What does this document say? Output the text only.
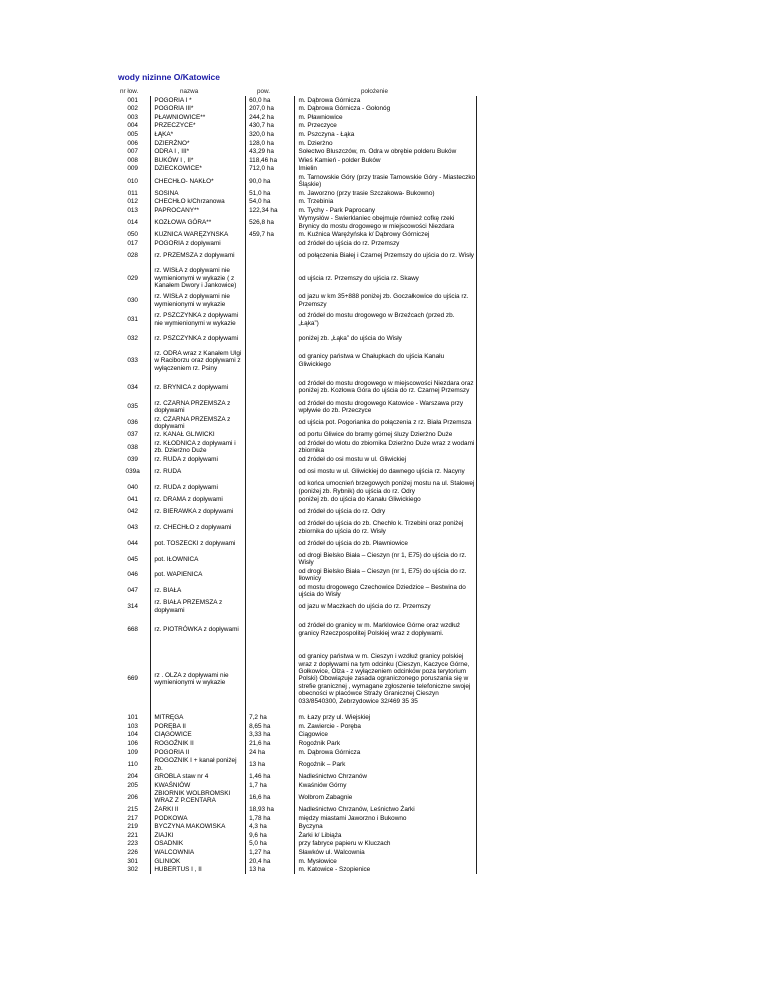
wody nizinne O/Katowice
nr łow.	nazwa	pow.	położenie
001	POGORIA I *	60,0 ha	m. Dąbrowa Górnicza
002	POGORIA III*	207,0 ha	m. Dąbrowa Górnicza - Gołonóg
003	PŁAWNIOWICE**	244,2 ha	m. Pławniowice
004	PRZECZYCE*	430,7 ha	m. Przeczyce
005	ŁĄKA*	320,0 ha	m. Pszczyna - Łąka
006	DZIERŻNO*	128,0 ha	m. Dzierżno
007	ODRA I , III*	43,29 ha	Sołectwo Bluszczów, m. Odra w obrębie polderu Buków
008	BUKÓW I , II*	118,46 ha	Wieś Kamień - polder Buków
009	DZIEĆKOWICE*	712,0 ha	Imielin
010	CHECHŁO- NAKŁO*	90,0 ha	m. Tarnowskie Góry (przy trasie Tarnowskie Góry - Miasteczko Śląskie)
011	SOSINA	51,0 ha	m. Jaworzno (przy trasie Szczakowa- Bukowno)
012	CHECHŁO k/Chrzanowa	54,0 ha	m. Trzebinia
013	PAPROCANY**	122,34 ha	m. Tychy - Park Paprocany
014	KOZŁOWA GÓRA**	526,8 ha	Wymysłów - Świerklaniec obejmuje również cofkę rzeki Brynicy do mostu drogowego w miejscowości Niezdara
050	KUŹNICA WARĘŻYŃSKA	459,7 ha	m. Kuźnica Warężyńska k/ Dąbrowy Górniczej
017	POGORIA z dopływami		od źródeł do ujścia do rz. Przemszy
028	rz. PRZEMSZA z dopływami		od połączenia Białej i Czarnej Przemszy do ujścia do rz. Wisły
029	rz. WISŁA z dopływami nie wymienionymi w wykazie ( z Kanałem Dwory i Jankowice)		od ujścia rz. Przemszy do ujścia rz. Skawy
030	rz. WISŁA z dopływami nie wymienionymi w wykazie		od jazu w km 35+888 poniżej zb. Goczałkowice do ujścia rz. Przemszy
031	rz. PSZCZYNKA z dopływami nie wymienionymi w wykazie		od źródeł do mostu drogowego w Brzeźcach (przed zb. „Łąka”)
032	rz. PSZCZYNKA z dopływami		poniżej zb. „Łąka” do ujścia do Wisły
033	rz. ODRA wraz z Kanałem Ulgi w Raciborzu oraz dopływami z wyłączeniem rz. Psiny		od granicy państwa w Chałupkach do ujścia Kanału Gliwickiego
034	rz. BRYNICA z dopływami		od źródeł do mostu drogowego w miejscowości Niezdara oraz poniżej zb. Kozłowa Góra do ujścia do rz. Czarnej Przemszy
035	rz. CZARNA PRZEMSZA z dopływami		od źródeł do mostu drogowego Katowice - Warszawa przy wpływie do zb. Przeczyce
036	rz. CZARNA PRZEMSZA z dopływami		od ujścia pot. Pogorianka do połączenia z rz. Biała Przemsza
037	rz. KANAŁ GLIWICKI		od portu Gliwice do bramy górnej śluzy Dzierżno Duże
038	rz. KŁODNICA z dopływami i zb. Dzierżno Duże		od źródeł do wlotu do zbiornika Dzierżno Duże wraz z wodami zbiornika
039	rz. RUDA z dopływami		od źródeł do osi mostu w ul. Gliwickiej
039a	rz. RUDA		od osi mostu w ul. Gliwickiej do dawnego ujścia rz. Nacyny
040	rz. RUDA z dopływami		od końca umocnień brzegowych poniżej mostu na ul. Stalowej (poniżej zb. Rybnik) do ujścia do rz. Odry
041	rz. DRAMA z dopływami		poniżej zb. do ujścia do Kanału Gliwickiego
042	rz. BIERAWKA z dopływami		od źródeł do ujścia do rz. Odry
043	rz. CHECHŁO z dopływami		od źródeł do ujścia do zb. Chechło k. Trzebini oraz poniżej zbiornika do ujścia do rz. Wisły
044	pot. TOSZECKI z dopływami		od źródeł do ujścia do zb. Pławniowice
045	pot. IŁOWNICA		od drogi Bielsko Biała – Cieszyn (nr 1, E75) do ujścia do rz. Wisły
046	pot. WAPIENICA		od drogi Bielsko Biała – Cieszyn (nr 1, E75) do ujścia do rz. Iłownicy
047	rz. BIAŁA		od mostu drogowego Czechowice Dziedzice – Bestwina do ujścia do Wisły
314	rz. BIAŁA PRZEMSZA z dopływami		od jazu w Maczkach do ujścia do rz. Przemszy
668	rz. PIOTRÓWKA z dopływami		od źródeł do granicy w m. Marklowice Górne oraz wzdłuż granicy Rzeczpospolitej Polskiej wraz z dopływami.
669	rz . OLZA z dopływami nie wymienionymi w wykazie		od granicy państwa w m. Cieszyn i wzdłuż granicy polskiej wraz z dopływami na tym odcinku (Cieszyn, Kaczyce Górne, Gołkowice, Olza - z wyłączeniem odcinków poza terytorium Polski) Obowiązuje zasada ograniczonego poruszania się w strefie granicznej , wymagane zgłoszenie telefoniczne swojej obecności w placówce Straży Granicznej Cieszyn 033/8540300, Zebrzydowice 32/469 35 35
101	MITRĘGA	7,2 ha	m. Łazy przy ul. Wiejskiej
103	PORĘBA II	8,65 ha	m. Zawiercie - Poręba
104	CIĄGOWICE	3,33 ha	Ciągowice
106	ROGOŹNIK II	21,6 ha	Rogoźnik Park
109	POGORIA II	24 ha	m. Dąbrowa Górnicza
110	ROGOŹNIK I + kanał poniżej zb.	13 ha	Rogoźnik – Park
204	GROBLA staw nr 4	1,46 ha	Nadleśnictwo Chrzanów
205	KWAŚNIÓW	1,7 ha	Kwaśniów Górny
206	ZBIORNIK WOLBROMSKI WRAZ Z P.CENTARA	16,6 ha	Wolbrom Zabagnie
215	ŻARKI II	18,93 ha	Nadleśnictwo Chrzanów, Leśnictwo Żarki
217	PODKOWA	1,78 ha	między miastami Jaworzno i Bukowno
219	BYCZYNA MAKOWISKA	4,3 ha	Byczyna
221	ZIAJKI	9,6 ha	Żarki k/ Libiąża
223	OSADNIK	5,0 ha	przy fabryce papieru w Kluczach
226	WALCOWNIA	1,27 ha	Sławków ul. Walcownia
301	GLINIOK	20,4 ha	m. Mysłowice
302	HUBERTUS I , II	13 ha	m. Katowice - Szopienice
